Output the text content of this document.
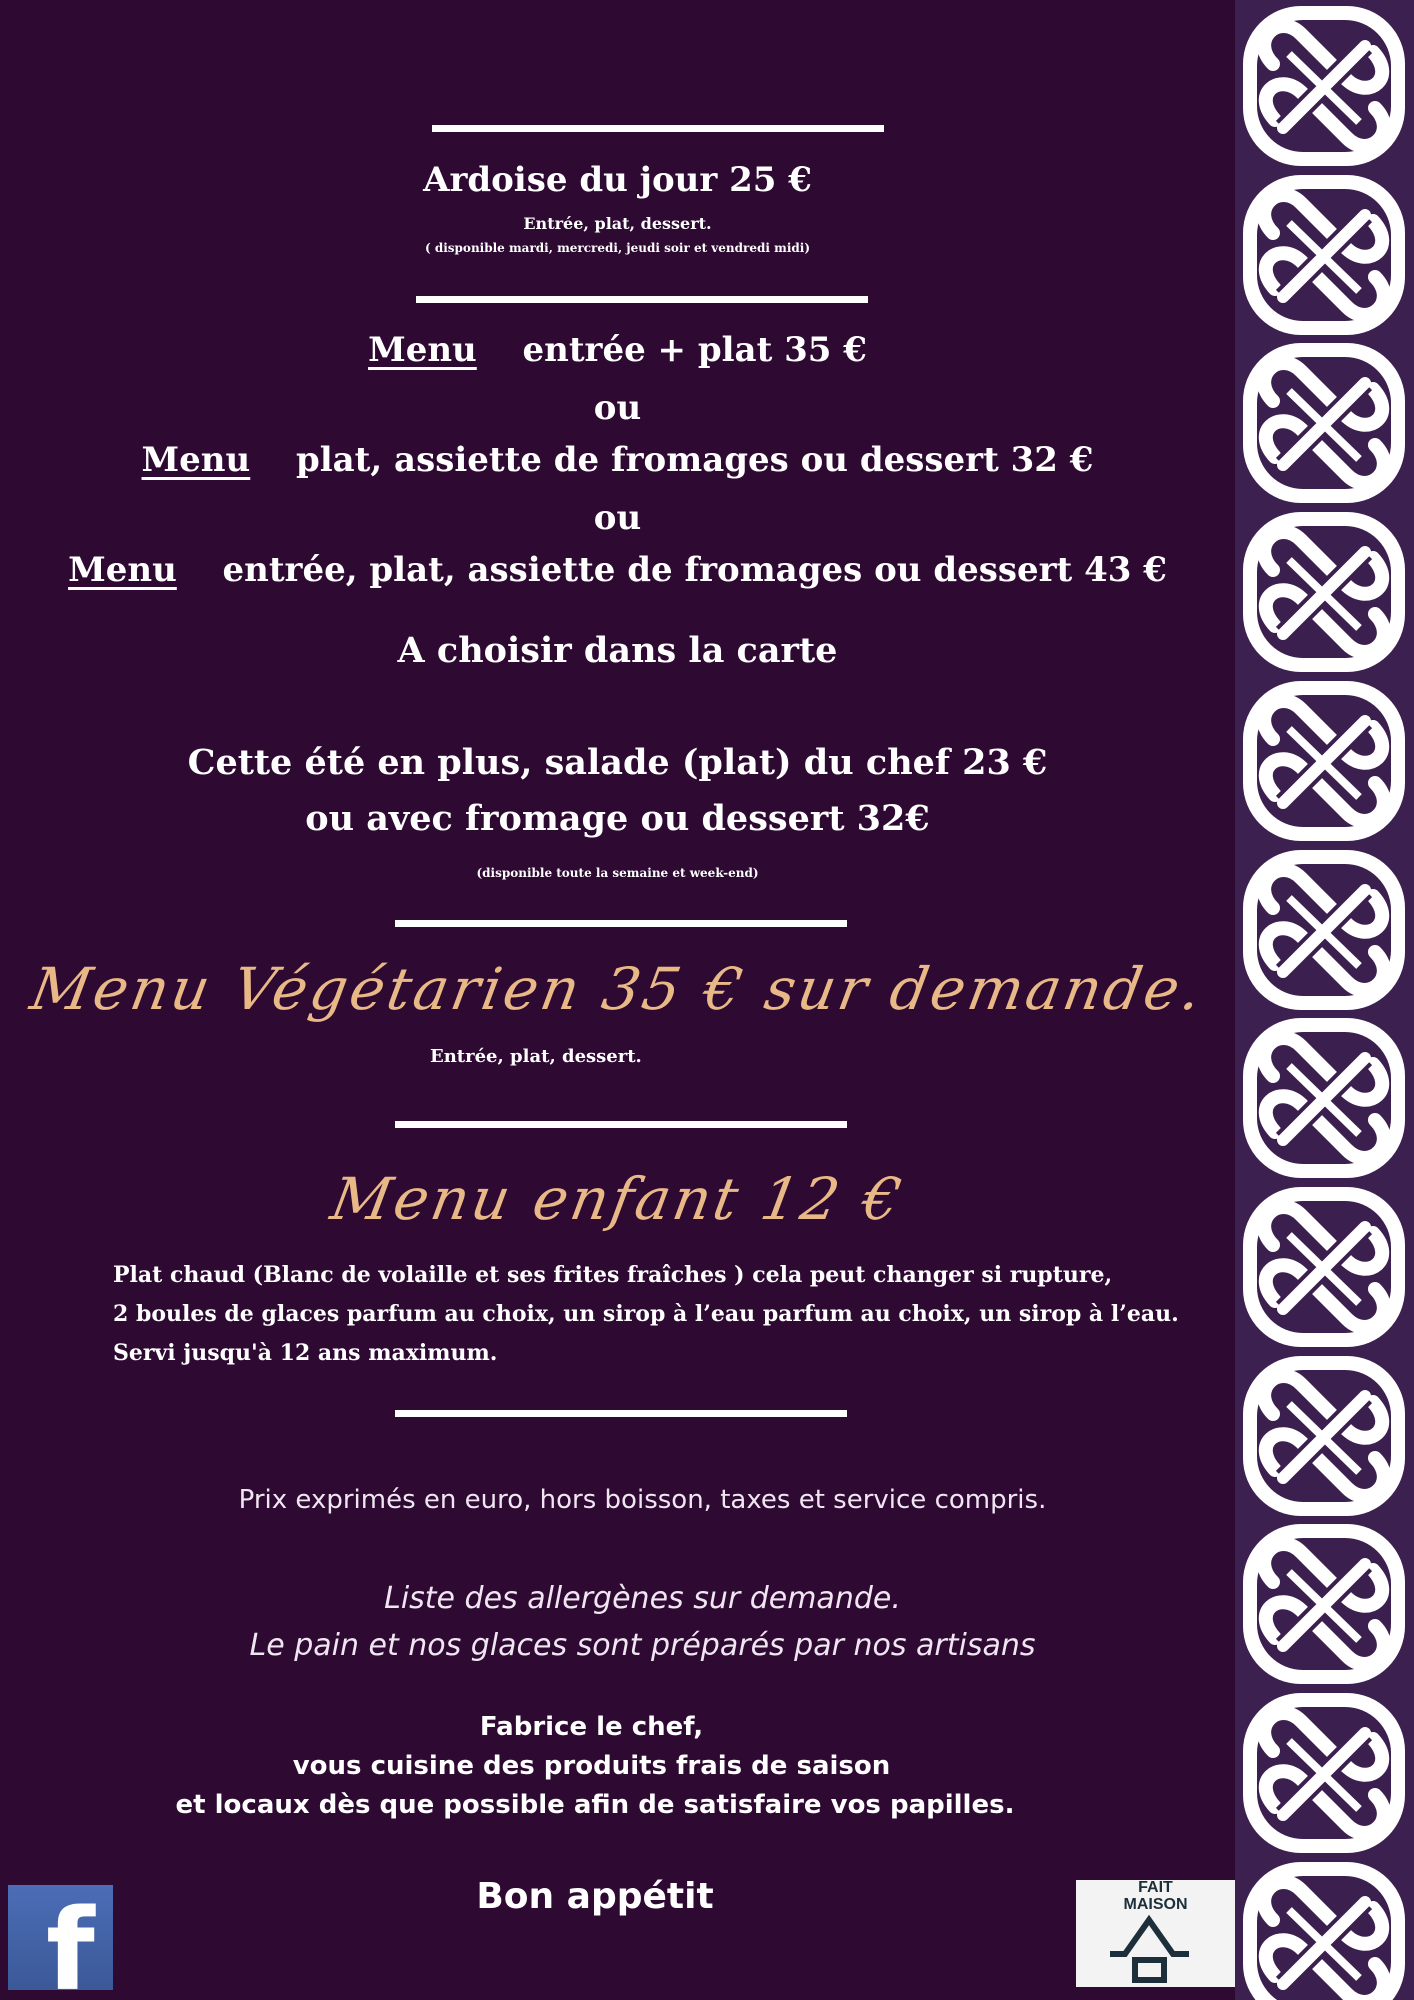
Ardoise du jour 25 €
Entrée, plat, dessert.
( disponible mardi, mercredi, jeudi soir et vendredi midi)
Menu entrée + plat 35 €
ou
Menu plat, assiette de fromages ou dessert 32 €
ou
Menu entrée, plat, assiette de fromages ou dessert 43 €
A choisir dans la carte
Cette été en plus, salade (plat) du chef 23 €
ou avec fromage ou dessert 32€
(disponible toute la semaine et week-end)
Menu Végétarien 35 € sur demande.
Entrée, plat, dessert.
Menu enfant 12 €
Plat chaud (Blanc de volaille et ses frites fraîches ) cela peut changer si rupture,
2 boules de glaces parfum au choix, un sirop à l’eau parfum au choix, un sirop à l’eau.
Servi jusqu'à 12 ans maximum.
Prix exprimés en euro, hors boisson, taxes et service compris.
Liste des allergènes sur demande.
Le pain et nos glaces sont préparés par nos artisans
Fabrice le chef,
vous cuisine des produits frais de saison
et locaux dès que possible afin de satisfaire vos papilles.
Bon appétit
f	FAIT
MAISON
